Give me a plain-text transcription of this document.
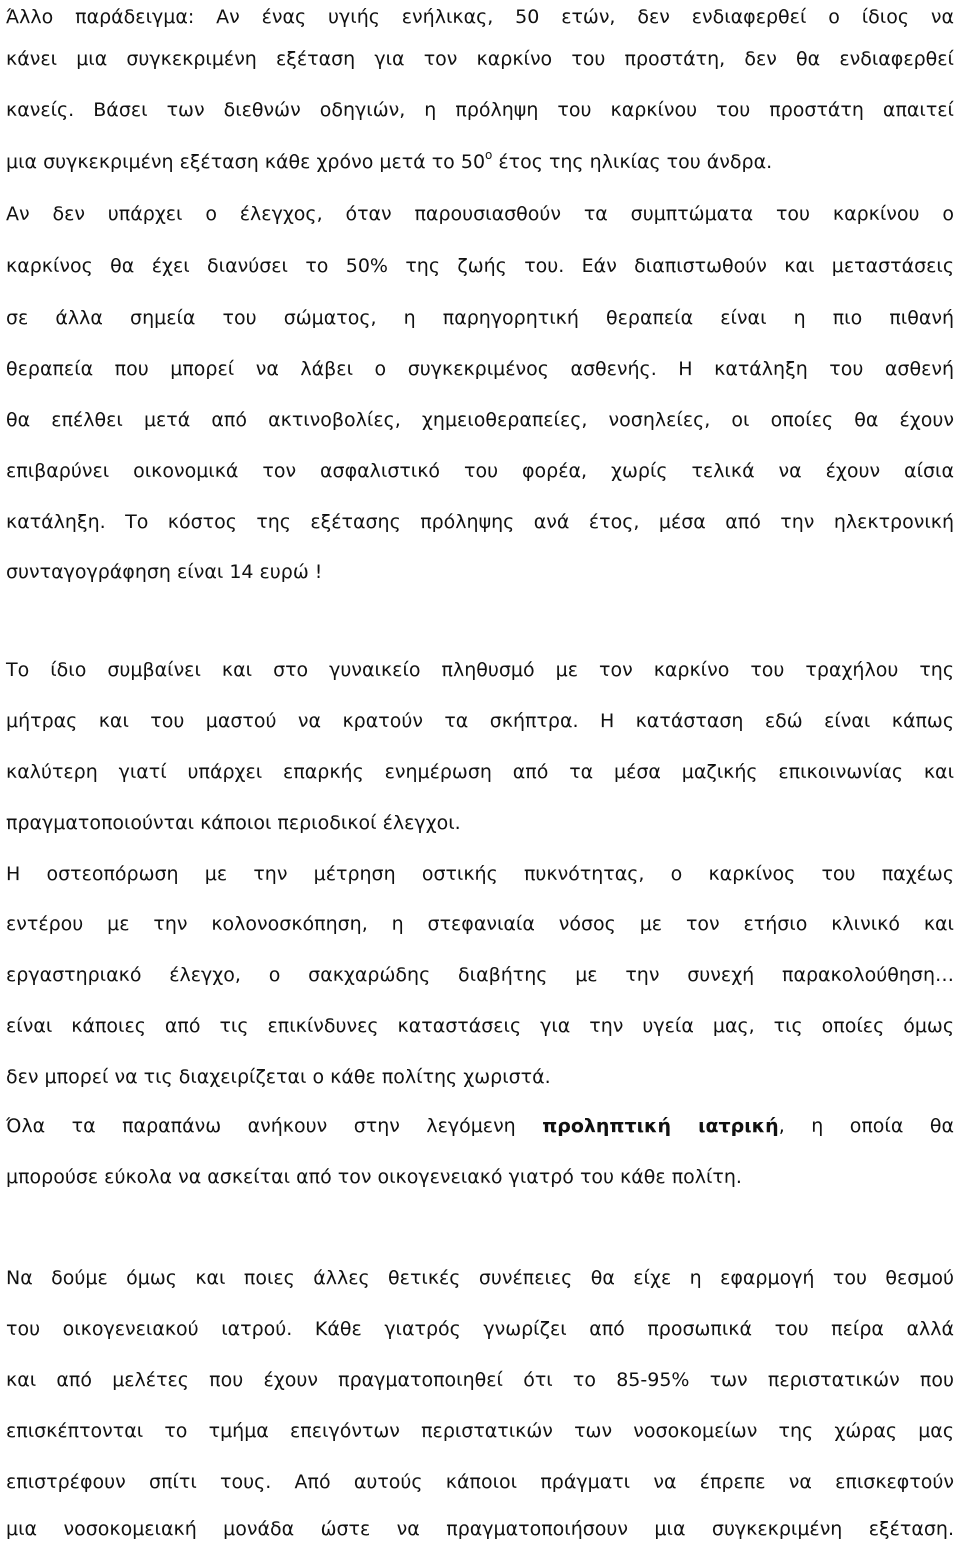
Άλλο παράδειγμα: Αν ένας υγιής ενήλικας, 50 ετών, δεν ενδιαφερθεί ο ίδιος να
κάνει μια συγκεκριμένη εξέταση για τον καρκίνο του προστάτη, δεν θα ενδιαφερθεί
κανείς. Βάσει των διεθνών οδηγιών, η πρόληψη του καρκίνου του προστάτη απαιτεί
μια συγκεκριμένη εξέταση κάθε χρόνο μετά το $50^o$ έτος της ηλικίας του άνδρα.
Αν δεν υπάρχει ο έλεγχος, όταν παρουσιασθούν τα συμπτώματα του καρκίνου ο
καρκίνος θα έχει διανύσει το 50% της ζωής του. Εάν διαπιστωθούν και μεταστάσεις
σε άλλα σημεία του σώματος, η παρηγορητική θεραπεία είναι η πιο πιθανή
θεραπεία που μπορεί να λάβει ο συγκεκριμένος ασθενής. Η κατάληξη του ασθενή
θα επέλθει μετά από ακτινοβολίες, χημειοθεραπείες, νοσηλείες, οι οποίες θα έχουν
επιβαρύνει οικονομικά τον ασφαλιστικό του φορέα, χωρίς τελικά να έχουν αίσια
κατάληξη. Το κόστος της εξέτασης πρόληψης ανά έτος, μέσα από την ηλεκτρονική
συνταγογράφηση είναι 14 ευρώ !
Το ίδιο συμβαίνει και στο γυναικείο πληθυσμό με τον καρκίνο του τραχήλου της
μήτρας και του μαστού να κρατούν τα σκήπτρα. Η κατάσταση εδώ είναι κάπως
καλύτερη γιατί υπάρχει επαρκής ενημέρωση από τα μέσα μαζικής επικοινωνίας και
πραγματοποιούνται κάποιοι περιοδικοί έλεγχοι.
Η οστεοπόρωση με την μέτρηση οστικής πυκνότητας, ο καρκίνος του παχέως
εντέρου με την κολονοσκόπηση, η στεφανιαία νόσος με τον ετήσιο κλινικό και
εργαστηριακό έλεγχο, ο σακχαρώδης διαβήτης με την συνεχή παρακολούθηση…
είναι κάποιες από τις επικίνδυνες καταστάσεις για την υγεία μας, τις οποίες όμως
δεν μπορεί να τις διαχειρίζεται ο κάθε πολίτης χωριστά.
Όλα τα παραπάνω ανήκουν στην λεγόμενη προληπτική ιατρική, η οποία θα
μπορούσε εύκολα να ασκείται από τον οικογενειακό γιατρό του κάθε πολίτη.
Να δούμε όμως και ποιες άλλες θετικές συνέπειες θα είχε η εφαρμογή του θεσμού
του οικογενειακού ιατρού. Κάθε γιατρός γνωρίζει από προσωπικά του πείρα αλλά
και από μελέτες που έχουν πραγματοποιηθεί ότι το 85-95% των περιστατικών που
επισκέπτονται το τμήμα επειγόντων περιστατικών των νοσοκομείων της χώρας μας
επιστρέφουν σπίτι τους. Από αυτούς κάποιοι πράγματι να έπρεπε να επισκεφτούν
μια νοσοκομειακή μονάδα ώστε να πραγματοποιήσουν μια συγκεκριμένη εξέταση.
